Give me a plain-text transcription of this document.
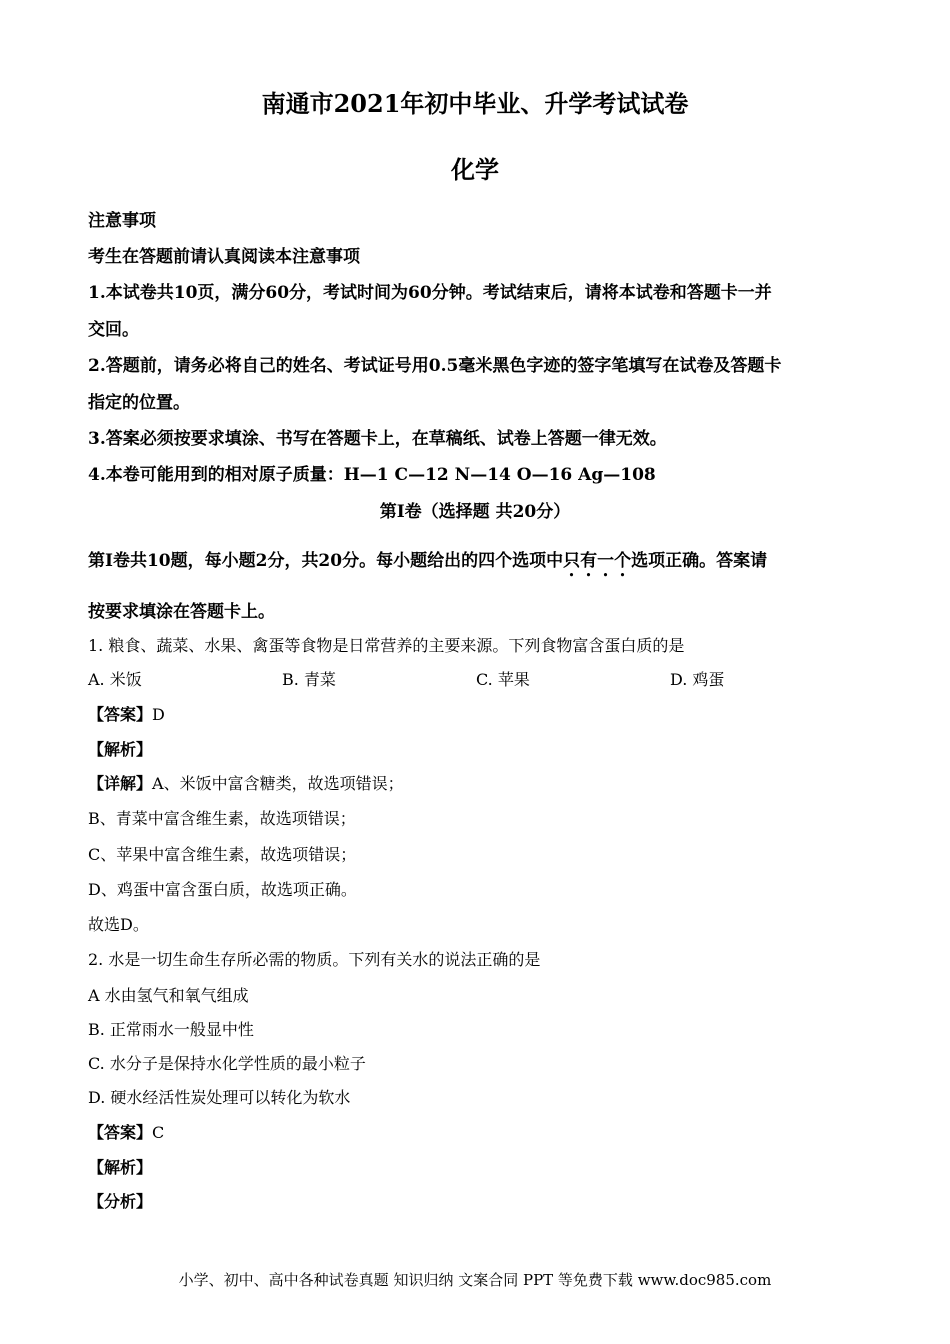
南通市2021年初中毕业、升学考试试卷
化学
注意事项
考生在答题前请认真阅读本注意事项
1.本试卷共10页，满分60分，考试时间为60分钟。考试结束后，请将本试卷和答题卡一并
交回。
2.答题前，请务必将自己的姓名、考试证号用0.5毫米黑色字迹的签字笔填写在试卷及答题卡
指定的位置。
3.答案必须按要求填涂、书写在答题卡上，在草稿纸、试卷上答题一律无效。
4.本卷可能用到的相对原子质量：H—1 C—12 N—14 O—16 Ag—108
第Ⅰ卷（选择题 共20分）
第Ⅰ卷共10题，每小题2分，共20分。每小题给出的四个选项中只有一个选项正确。答案请
按要求填涂在答题卡上。
1. 粮食、蔬菜、水果、禽蛋等食物是日常营养的主要来源。下列食物富含蛋白质的是
A. 米饭	B. 青菜	C. 苹果	D. 鸡蛋
【答案】D
【解析】
【详解】A、米饭中富含糖类，故选项错误；
B、青菜中富含维生素，故选项错误；
C、苹果中富含维生素，故选项错误；
D、鸡蛋中富含蛋白质，故选项正确。
故选D。
2. 水是一切生命生存所必需的物质。下列有关水的说法正确的是
A 水由氢气和氧气组成
B. 正常雨水一般显中性
C. 水分子是保持水化学性质的最小粒子
D. 硬水经活性炭处理可以转化为软水
【答案】C
【解析】
【分析】
小学、初中、高中各种试卷真题 知识归纳 文案合同 PPT 等免费下载 www.doc985.com
